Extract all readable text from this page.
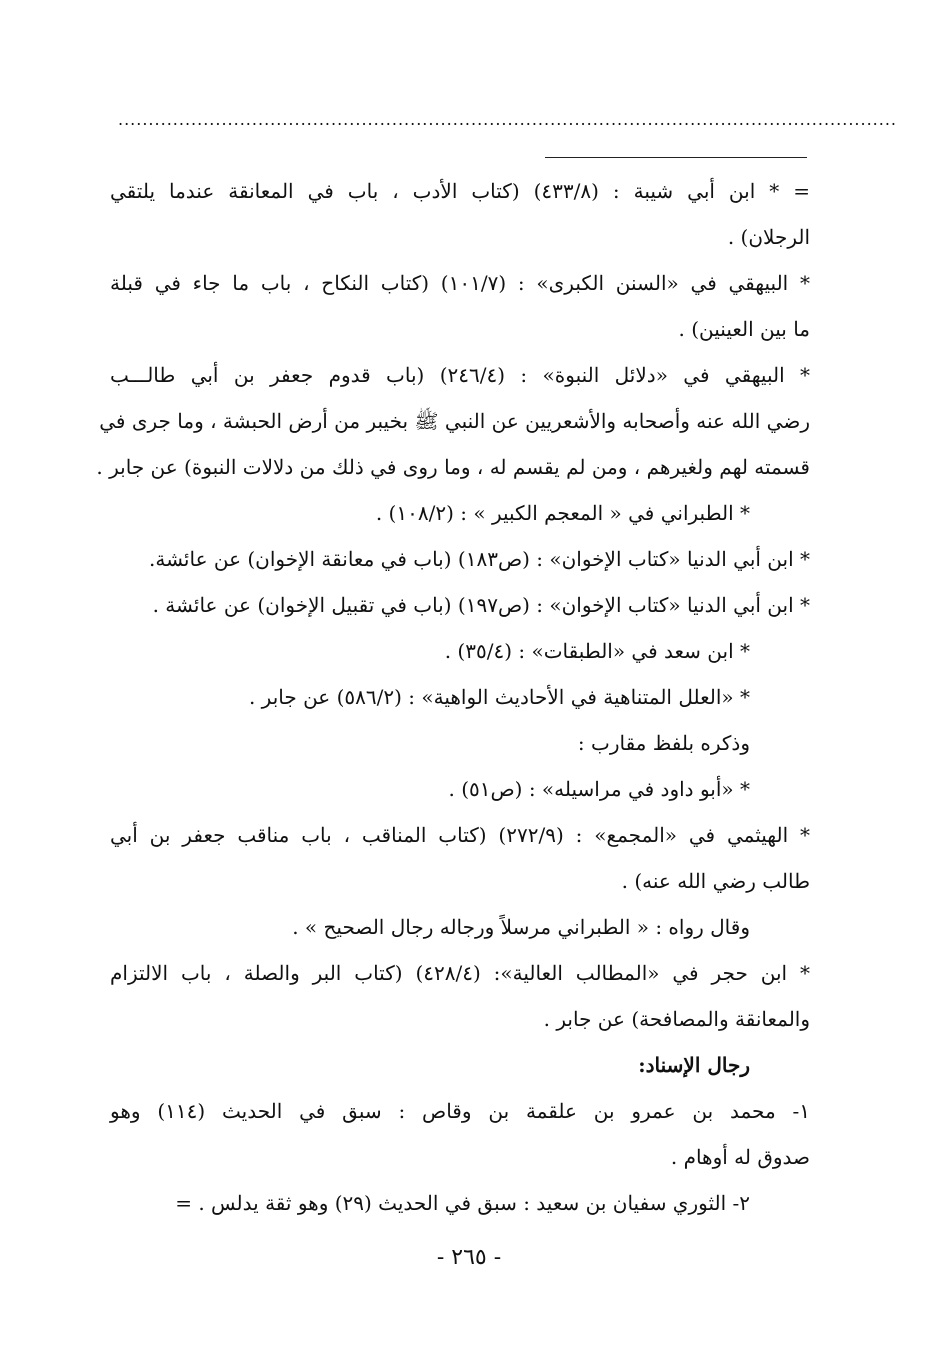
................................................................................................................................
= * ابن أبي شيبة : (٤٣٣/٨) (كتاب الأدب ، باب في المعانقة عندما يلتقي
الرجلان) .
* البيهقي في «السنن الكبرى» : (١٠١/٧) (كتاب النكاح ، باب ما جاء في قبلة
ما بين العينين) .
* البيهقي في «دلائل النبوة» : (٢٤٦/٤) (باب قدوم جعفر بن أبي طالـــب
رضي الله عنه وأصحابه والأشعريين عن النبي ﷺ بخيبر من أرض الحبشة ، وما جرى في
قسمته لهم ولغيرهم ، ومن لم يقسم له ، وما روى في ذلك من دلالات النبوة) عن جابر .
* الطبراني في « المعجم الكبير » : (١٠٨/٢) .
* ابن أبي الدنيا «كتاب الإخوان» : (ص١٨٣) (باب في معانقة الإخوان) عن عائشة.
* ابن أبي الدنيا «كتاب الإخوان» : (ص١٩٧) (باب في تقبيل الإخوان) عن عائشة .
* ابن سعد في «الطبقات» : (٣٥/٤) .
* «العلل المتناهية في الأحاديث الواهية» : (٥٨٦/٢) عن جابر .
وذكره بلفظ مقارب :
* «أبو داود في مراسيله» : (ص٥١) .
* الهيثمي في «المجمع» : (٢٧٢/٩) (كتاب المناقب ، باب مناقب جعفر بن أبي
طالب رضي الله عنه) .
وقال رواه : « الطبراني مرسلاً ورجاله رجال الصحيح » .
* ابن حجر في «المطالب العالية»: (٤٢٨/٤) (كتاب البر والصلة ، باب الالتزام
والمعانقة والمصافحة) عن جابر .
رجال الإسناد:
١- محمد بن عمرو بن علقمة بن وقاص : سبق في الحديث (١١٤) وهو
صدوق له أوهام .
٢- الثوري سفيان بن سعيد : سبق في الحديث (٢٩) وهو ثقة يدلس . =
- ٢٦٥ -
